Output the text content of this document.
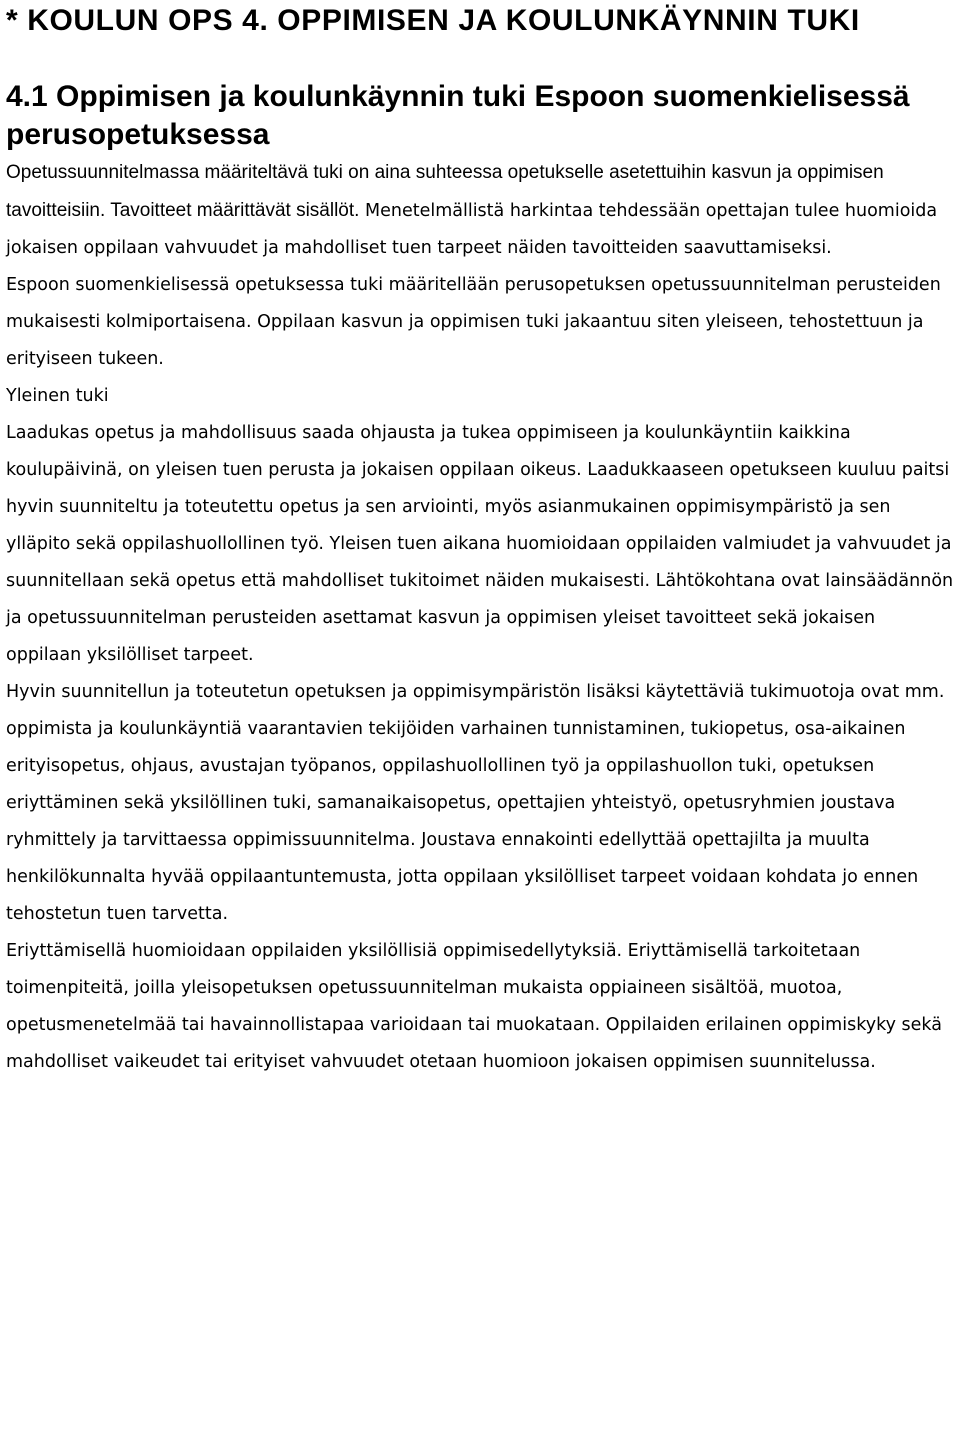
* KOULUN OPS 4. OPPIMISEN JA KOULUNKÄYNNIN TUKI
4.1 Oppimisen ja koulunkäynnin tuki Espoon suomenkielisessä perusopetuksessa

Opetussuunnitelmassa määriteltävä tuki on aina suhteessa opetukselle asetettuihin kasvun ja oppimisen tavoitteisiin. Tavoitteet määrittävät sisällöt. Menetelmällistä harkintaa tehdessään opettajan tulee huomioida jokaisen oppilaan vahvuudet ja mahdolliset tuen tarpeet näiden tavoitteiden saavuttamiseksi.

Espoon suomenkielisessä opetuksessa tuki määritellään perusopetuksen opetussuunnitelman perusteiden mukaisesti kolmiportaisena. Oppilaan kasvun ja oppimisen tuki jakaantuu siten yleiseen, tehostettuun ja erityiseen tukeen.

Yleinen tuki

Laadukas opetus ja mahdollisuus saada ohjausta ja tukea oppimiseen ja koulunkäyntiin kaikkina koulupäivinä, on yleisen tuen perusta ja jokaisen oppilaan oikeus. Laadukkaaseen opetukseen kuuluu paitsi hyvin suunniteltu ja toteutettu opetus ja sen arviointi, myös asianmukainen oppimisympäristö ja sen ylläpito sekä oppilashuollollinen työ. Yleisen tuen aikana huomioidaan oppilaiden valmiudet ja vahvuudet ja suunnitellaan sekä opetus että mahdolliset tukitoimet näiden mukaisesti. Lähtökohtana ovat lainsäädännön ja opetussuunnitelman perusteiden asettamat kasvun ja oppimisen yleiset tavoitteet sekä jokaisen oppilaan yksilölliset tarpeet.

Hyvin suunnitellun ja toteutetun opetuksen ja oppimisympäristön lisäksi käytettäviä tukimuotoja ovat mm. oppimista ja koulunkäyntiä vaarantavien tekijöiden varhainen tunnistaminen, tukiopetus, osa-aikainen erityisopetus, ohjaus, avustajan työpanos, oppilashuollollinen työ ja oppilashuollon tuki, opetuksen eriyttäminen sekä yksilöllinen tuki, samanaikaisopetus, opettajien yhteistyö, opetusryhmien joustava ryhmittely ja tarvittaessa oppimissuunnitelma. Joustava ennakointi edellyttää opettajilta ja muulta henkilökunnalta hyvää oppilaantuntemusta, jotta oppilaan yksilölliset tarpeet voidaan kohdata jo ennen tehostetun tuen tarvetta.

Eriyttämisellä huomioidaan oppilaiden yksilöllisiä oppimisedellytyksiä. Eriyttämisellä tarkoitetaan toimenpiteitä, joilla yleisopetuksen opetussuunnitelman mukaista oppiaineen sisältöä, muotoa, opetusmenetelmää tai havainnollistapaa varioidaan tai muokataan. Oppilaiden erilainen oppimiskyky sekä mahdolliset vaikeudet tai erityiset vahvuudet otetaan huomioon jokaisen oppimisen suunnitelussa.
